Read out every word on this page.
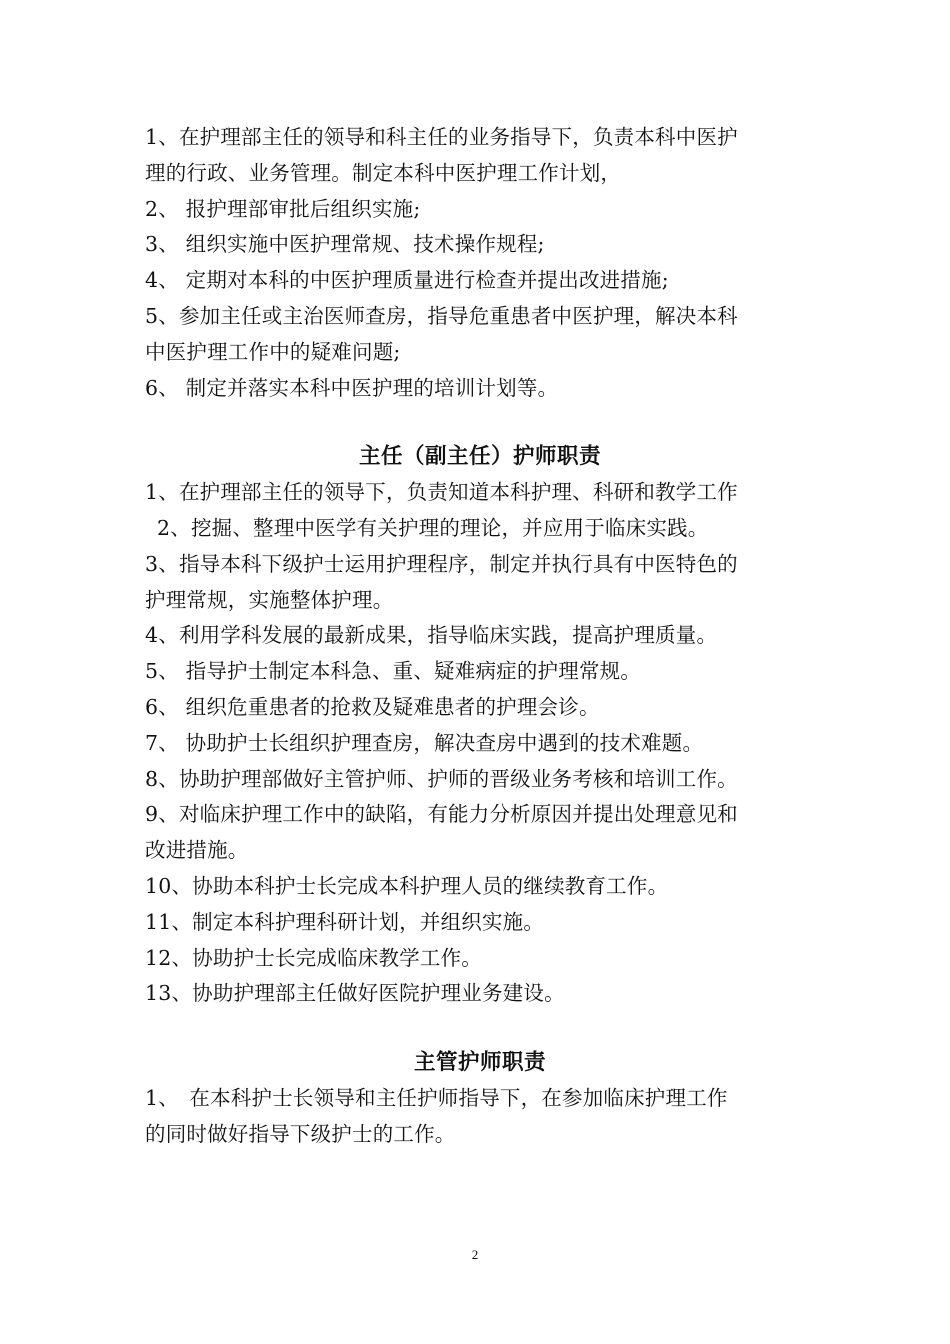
1、在护理部主任的领导和科主任的业务指导下，负责本科中医护
理的行政、业务管理。制定本科中医护理工作计划，
2、 报护理部审批后组织实施;
3、 组织实施中医护理常规、技术操作规程;
4、 定期对本科的中医护理质量进行检查并提出改进措施;
5、参加主任或主治医师查房，指导危重患者中医护理，解决本科
中医护理工作中的疑难问题;
6、 制定并落实本科中医护理的培训计划等。
主任（副主任）护师职责
1、在护理部主任的领导下，负责知道本科护理、科研和教学工作
2、挖掘、整理中医学有关护理的理论，并应用于临床实践。
3、指导本科下级护士运用护理程序，制定并执行具有中医特色的
护理常规，实施整体护理。
4、利用学科发展的最新成果，指导临床实践，提高护理质量。
5、 指导护士制定本科急、重、疑难病症的护理常规。
6、 组织危重患者的抢救及疑难患者的护理会诊。
7、 协助护士长组织护理查房，解决查房中遇到的技术难题。
8、协助护理部做好主管护师、护师的晋级业务考核和培训工作。
9、对临床护理工作中的缺陷，有能力分析原因并提出处理意见和
改进措施。
10、协助本科护士长完成本科护理人员的继续教育工作。
11、制定本科护理科研计划，并组织实施。
12、协助护士长完成临床教学工作。
13、协助护理部主任做好医院护理业务建设。
主管护师职责
1、　在本科护士长领导和主任护师指导下，在参加临床护理工作
的同时做好指导下级护士的工作。
2
